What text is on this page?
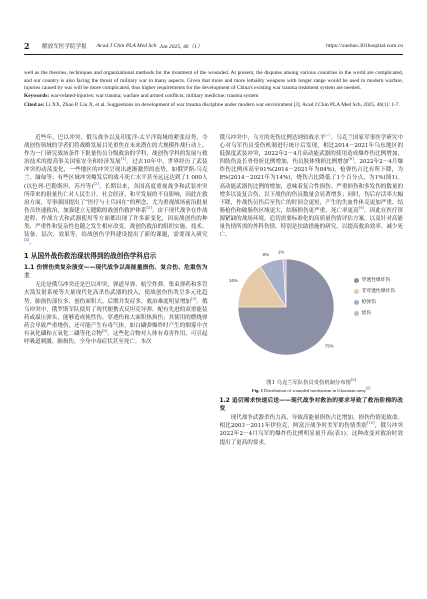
2	解放军医学院学报 Acad J Chin PLA Med Sch Jan 2025, 46（1）	https://xuebao.301hospital.com.cn

well as the theories, techniques and organizational methods for the treatment of the wounded. At present, the disputes among various countries in the world are complicated, and our country is also facing the threat of military war in many aspects. Given that more and more lethality weapons with longer range would be used in modern warfare, injuries caused by war will be more complicated, thus higher requirements for the development of China's existing war trauma treatment system are needed.

Keywords: war-related-injuries; war trauma; warfare and armed conflicts; military medicine; trauma system

Cited as: Li XX, Zhao P, Liu X, et al. Suggestions on development of war trauma discipline under modern war environment [J]. Acad J Chin PLA Med Sch, 2025, 46(1): 1-7.

近些年，巴以冲突、俄乌战争以及印度洋-太平洋海域的紧张局势，令战创伤领域的学者们将战略发展目光重焦在未来潜在的大规模作战行动上。作为一门研究战场条件下批量伤员分级救治的学科，战创伤学科的发展与救治技术的提高事关国家安全和经济发展[1]。过去10年中，世界经历了武装冲突的动荡变化，一些地区的冲突呈现出逐渐激烈的态势，如俄罗斯-乌克兰、缅甸等；有些区域冲突爆发后的战斗死亡水平甚至远远达到了1 000人(以色列-巴勒斯坦、苏丹等)[2]。长期以来，各国高度重视战争和武装冲突所带来的批量伤亡对人民生计、社会经济、和平发展的不良影响，因此在救治方面，军事强国提出了“医疗与士兵同在”的理念，尤为重视战场前沿批量伤员快速救治，加强建立无缝隙的战创伤救护体系[3]。由于现代战争在作战进程、作战方式和武器使用等方面都出现了许多新变化，因而战创伤的种类、严重性和复杂性也随之发生相应改变。战创伤救治的组织实施、技术、装备、层次、效果等，给战创伤学科建设提出了新的课题，需要深入研究[4]。

1 从国外战伤救治现状得到的战创伤学科启示
1.1 伤情伤类复杂演变——现代战争以高能量损伤、复合伤、危重伤为主

无论是俄乌冲突还是巴以冲突，弹道导弹、航空炸弹、集束弹药和多管火箭发射系统等大量现代化高杀伤武器的投入，使战创伤伤类呈多元化趋势，肺损伤部位多、创伤面积大、后期并发症多，救治难度明显增加[5]。俄乌冲突中，俄罗斯军队使用了现代便携式反坦克导弹、配有先进的双重能装药或温压弹头，能够造成钝性伤、穿透伤和大面积热损伤；其使用的燃烧弹药会导致严重烧伤，还可能产生有毒气体，如白磷弹爆炸时产生的烟雾中含有氧化磷和五氧化二磷等化合物[6]。这些化合物对人体有毒害作用，可引起呼吸道刺激、肺损伤、全身中毒症状甚至死亡。本次

俄乌冲突中，乌方的死伤比例达到较战水平[7]。乌克兰国家军事医学研究中心对乌军伤员受伤机制进行统计后发现，相比2014－2021年乌东地区的低强度武装冲突，2022年2－4月高动能武器的使用造成爆炸伤比例增加，四肢伤及长骨骨折比例增加，伤员肢体残损比例增加[8]。2022年2－4月爆炸伤比例再高至91%(2014－2021年为84%)，枪弹伤占比有所下降，为8%(2014－2021年为14%)，烧伤占比降低了1个百分点，为1%(图1)。高动能武器伤比例的增加，意味着复合性损伤、严重损伤和多发伤的数量的增多以及复合伤，以下战伤的伤员数量会显著增多；同时，伤后存活率大幅下降，作战伤员伤后至伤亡的时间会更短，产生的失血性休克更加严重、结肠枪伤和破肠伤区域更大，结肠损伤更严重、死亡率更高[9]。因此在医疗资源紧缺的战场环境，追切需要标准化的高质量伤情评估方案，以及针对高能量伤情所需的外科伤情、特别是扶助措施的研究，以提高救治效率、减少死亡。

75%
16%
8%
1%
穿透性爆炸伤
非穿透性爆炸伤
枪弹伤
烧伤
图1 乌克兰军队伤员受伤机制分布图[8]
Fig. 1 Distribution of wounded mechanism in Ukrainian army[8]
1.2 追切需求快速后送——现代战争对救治的要求导致了救治阶梯的改变

现代战争武器杀伤力高，导致高能量损伤占比增加，损伤伤情更致命。相比2003－2011年伊拉克、阿富汗战争时美军的伤情类别[10]，俄乌冲突2022年2－4月乌军的爆炸伤比例明显量升高(表1)。这种改变对救治时效提出了更高的要求。
